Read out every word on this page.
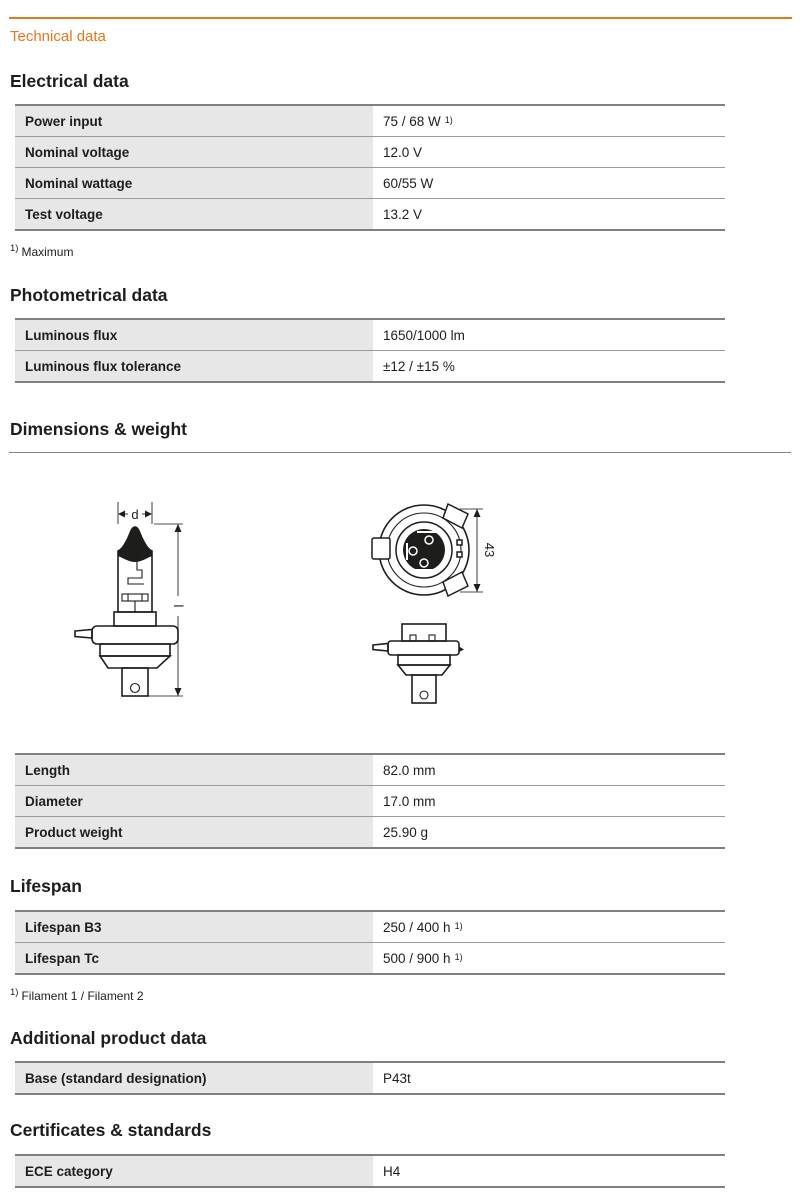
Technical data
Electrical data
Power input	75 / 68 W $^{1)}$
Nominal voltage	12.0 V
Nominal wattage	60/55 W
Test voltage	13.2 V
$^{1)}$ Maximum
Photometrical data
Luminous flux	1650/1000 lm
Luminous flux tolerance	±12 / ±15 %
Dimensions & weight
d
l
43
Length	82.0 mm
Diameter	17.0 mm
Product weight	25.90 g
Lifespan
Lifespan B3	250 / 400 h $^{1)}$
Lifespan Tc	500 / 900 h $^{1)}$
$^{1)}$ Filament 1 / Filament 2
Additional product data
Base (standard designation)	P43t
Certificates & standards
ECE category	H4
